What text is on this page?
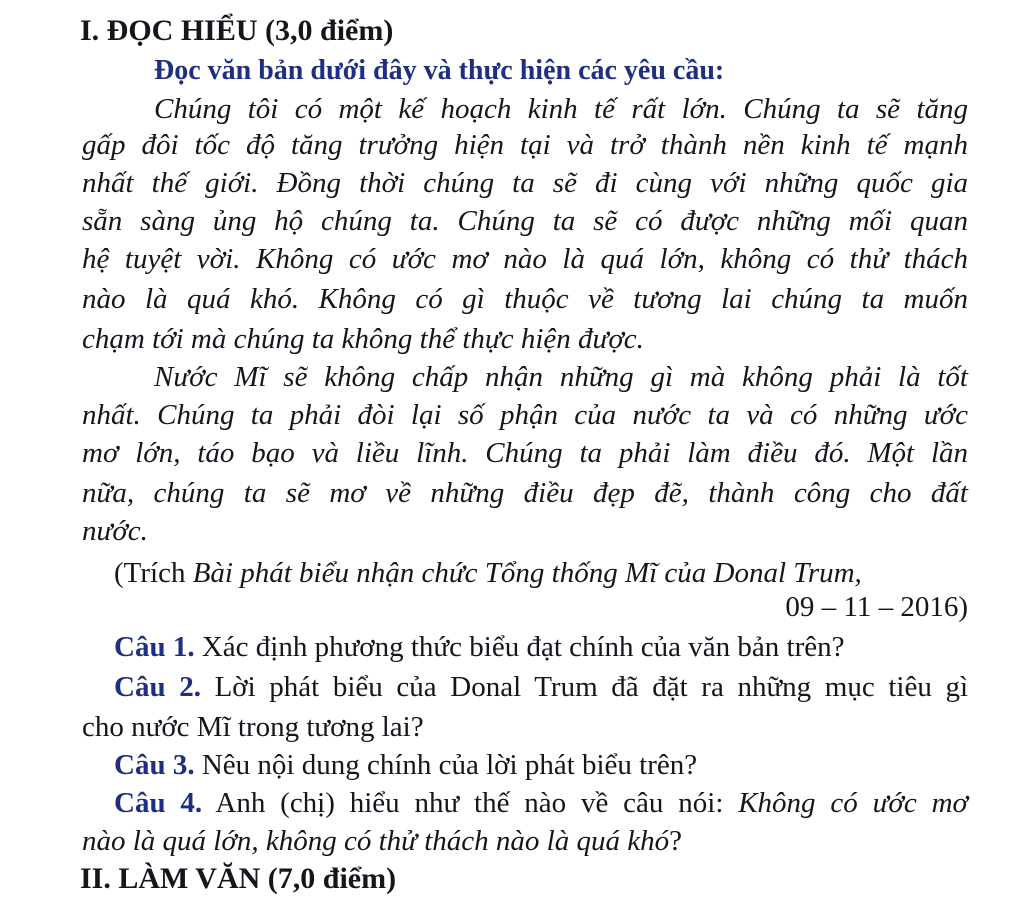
I. ĐỌC HIỂU (3,0 điểm)
Đọc văn bản dưới đây và thực hiện các yêu cầu:
Chúng tôi có một kế hoạch kinh tế rất lớn. Chúng ta sẽ tăng
gấp đôi tốc độ tăng trưởng hiện tại và trở thành nền kinh tế mạnh
nhất thế giới. Đồng thời chúng ta sẽ đi cùng với những quốc gia
sẵn sàng ủng hộ chúng ta. Chúng ta sẽ có được những mối quan
hệ tuyệt vời. Không có ước mơ nào là quá lớn, không có thử thách
nào là quá khó. Không có gì thuộc về tương lai chúng ta muốn
chạm tới mà chúng ta không thể thực hiện được.
Nước Mĩ sẽ không chấp nhận những gì mà không phải là tốt
nhất. Chúng ta phải đòi lại số phận của nước ta và có những ước
mơ lớn, táo bạo và liều lĩnh. Chúng ta phải làm điều đó. Một lần
nữa, chúng ta sẽ mơ về những điều đẹp đẽ, thành công cho đất
nước.
(Trích Bài phát biểu nhận chức Tổng thống Mĩ của Donal Trum,
09 – 11 – 2016)
Câu 1. Xác định phương thức biểu đạt chính của văn bản trên?
Câu 2. Lời phát biểu của Donal Trum đã đặt ra những mục tiêu gì
cho nước Mĩ trong tương lai?
Câu 3. Nêu nội dung chính của lời phát biểu trên?
Câu 4. Anh (chị) hiểu như thế nào về câu nói: Không có ước mơ
nào là quá lớn, không có thử thách nào là quá khó?
II. LÀM VĂN (7,0 điểm)
